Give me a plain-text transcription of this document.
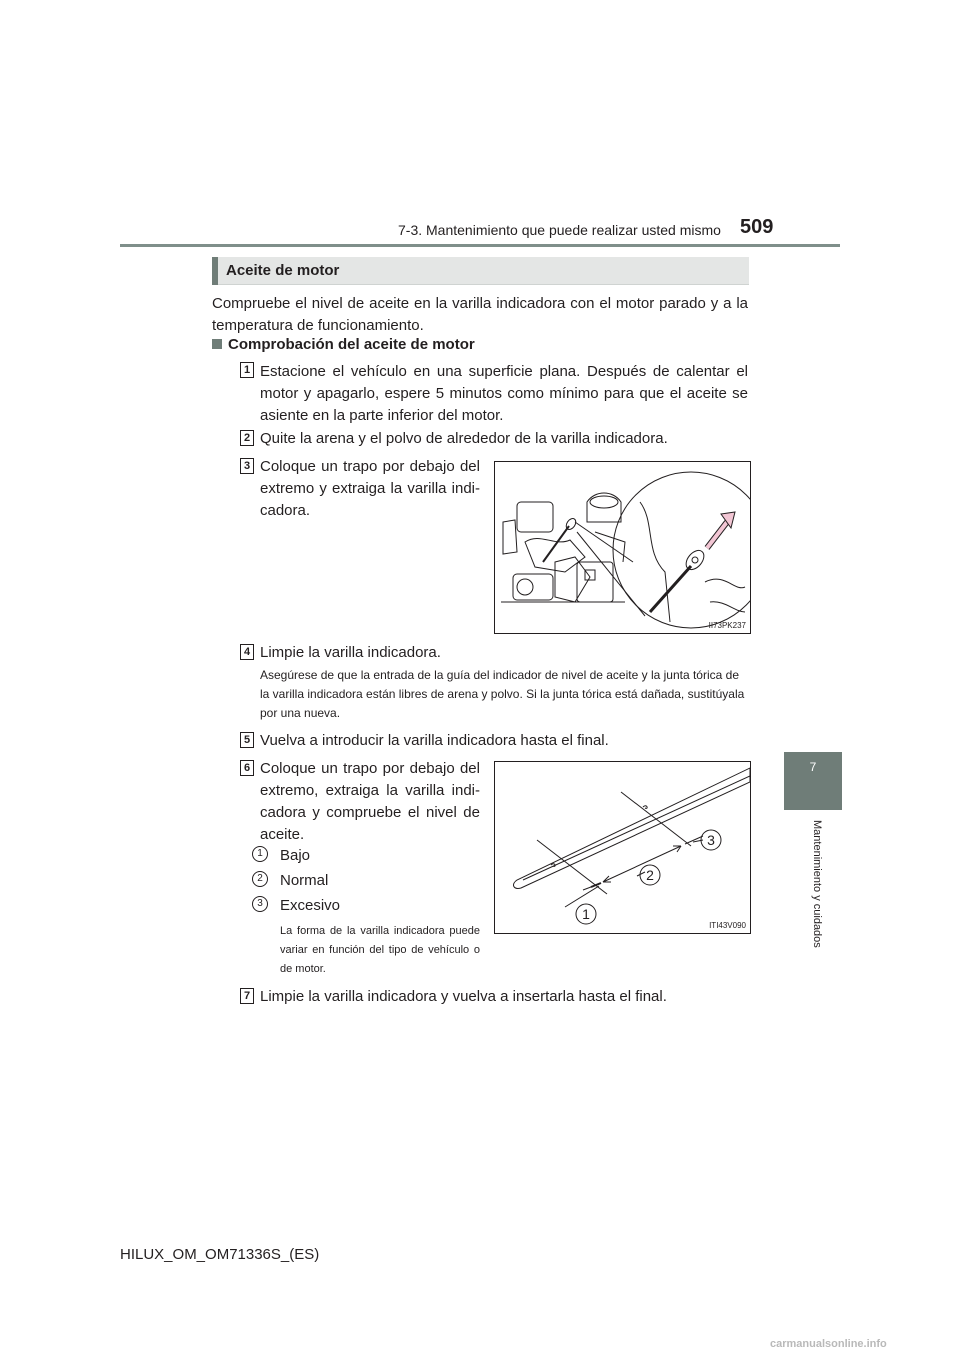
7-3. Mantenimiento que puede realizar usted mismo 509
7
Mantenimiento y cuidados
Aceite de motor
Compruebe el nivel de aceite en la varilla indicadora con el motor parado y a la temperatura de funcionamiento.
Comprobación del aceite de motor
1 Estacione el vehículo en una superficie plana. Después de calentar el motor y apagarlo, espere 5 minutos como mínimo para que el aceite se asiente en la parte inferior del motor.
2 Quite la arena y el polvo de alrededor de la varilla indicadora.
3 Coloque un trapo por debajo del extremo y extraiga la varilla indi-cadora.
II73PK237
4 Limpie la varilla indicadora.
Asegúrese de que la entrada de la guía del indicador de nivel de aceite y la junta tórica de la varilla indicadora están libres de arena y polvo. Si la junta tórica está dañada, sustitúyala por una nueva.
5 Vuelva a introducir la varilla indicadora hasta el final.
6 Coloque un trapo por debajo del extremo, extraiga la varilla indi-cadora y compruebe el nivel de aceite.
1	Bajo
2	Normal
3	Excesivo
La forma de la varilla indicadora puede variar en función del tipo de vehículo o de motor.
1
2
3
ITI43V090
7 Limpie la varilla indicadora y vuelva a insertarla hasta el final.
HILUX_OM_OM71336S_(ES)
carmanualsonline.info
